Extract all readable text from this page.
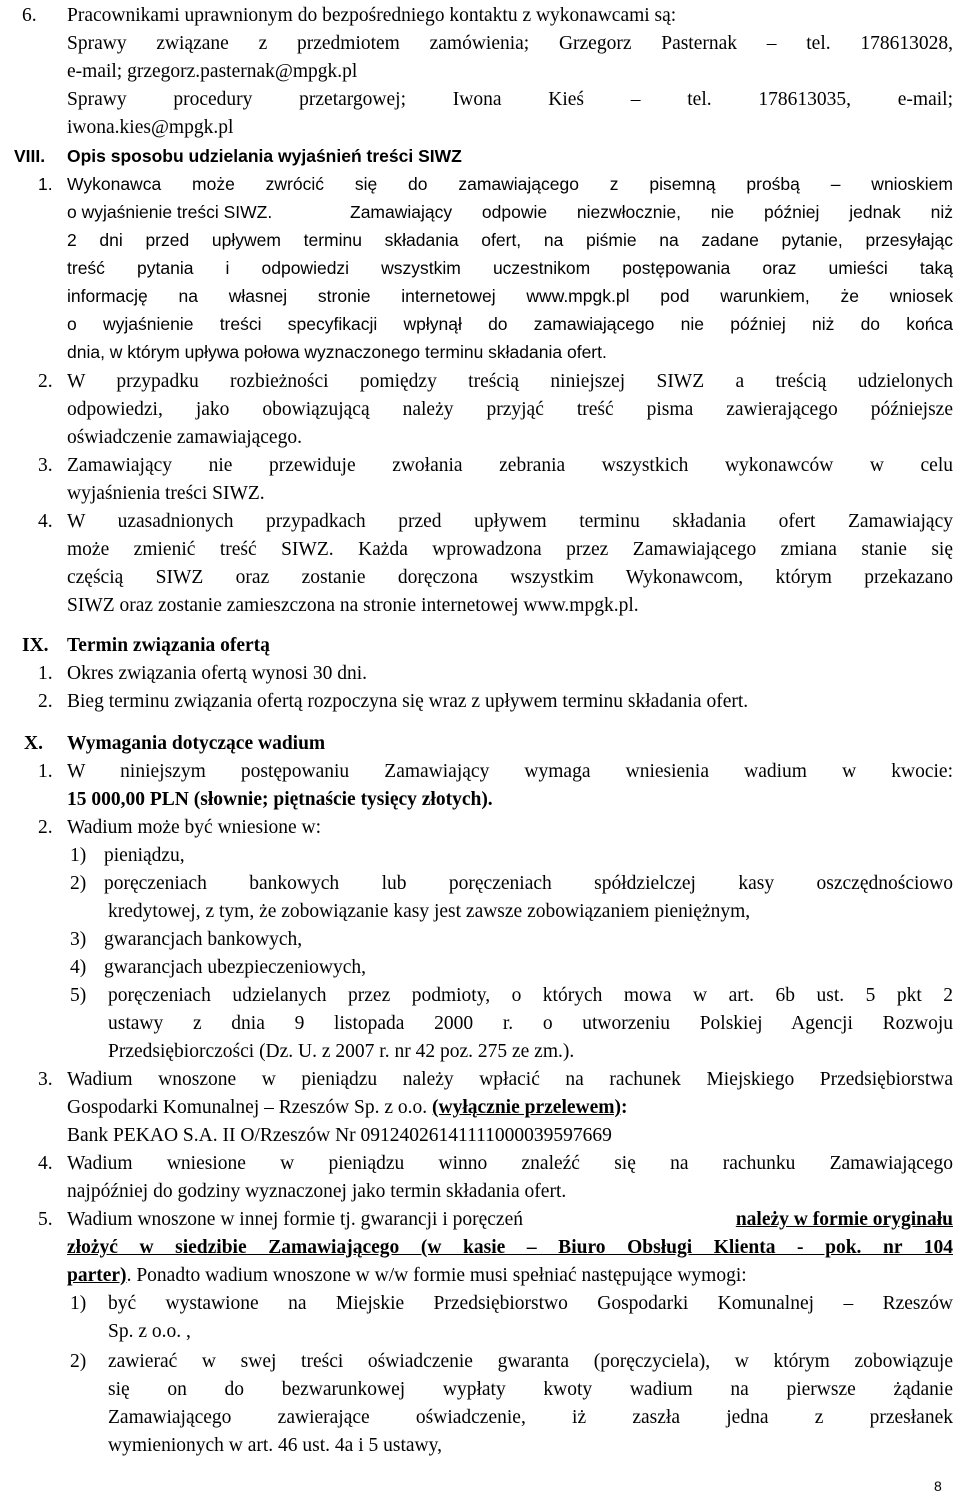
6. Pracownikami uprawnionym do bezpośredniego kontaktu z wykonawcami są:
Sprawy związane z przedmiotem zamówienia; Grzegorz Pasternak – tel. 178613028,
e-mail; grzegorz.pasternak@mpgk.pl
Sprawy procedury przetargowej; Iwona Kieś – tel. 178613035, e-mail;
iwona.kies@mpgk.pl
VIII. Opis sposobu udzielania wyjaśnień treści SIWZ
1. Wykonawca może zwrócić się do zamawiającego z pisemną prośbą – wnioskiem
o wyjaśnienie treści SIWZ.	Zamawiający odpowie niezwłocznie, nie później jednak niż
2 dni przed upływem terminu składania ofert, na piśmie na zadane pytanie, przesyłając
treść pytania i odpowiedzi wszystkim uczestnikom postępowania oraz umieści taką
informację na własnej stronie internetowej www.mpgk.pl pod warunkiem, że wniosek
o wyjaśnienie treści specyfikacji wpłynął do zamawiającego nie później niż do końca
dnia, w którym upływa połowa wyznaczonego terminu składania ofert.
2. W przypadku rozbieżności pomiędzy treścią niniejszej SIWZ a treścią udzielonych
odpowiedzi, jako obowiązującą należy przyjąć treść pisma zawierającego późniejsze
oświadczenie zamawiającego.
3. Zamawiający nie przewiduje zwołania zebrania wszystkich wykonawców w celu
wyjaśnienia treści SIWZ.
4. W uzasadnionych przypadkach przed upływem terminu składania ofert Zamawiający
może zmienić treść SIWZ. Każda wprowadzona przez Zamawiającego zmiana stanie się
częścią SIWZ oraz zostanie doręczona wszystkim Wykonawcom, którym przekazano
SIWZ oraz zostanie zamieszczona na stronie internetowej www.mpgk.pl.
IX. Termin związania ofertą
1. Okres związania ofertą wynosi 30 dni.
2. Bieg terminu związania ofertą rozpoczyna się wraz z upływem terminu składania ofert.
X. Wymagania dotyczące wadium
1. W niniejszym postępowaniu Zamawiający wymaga wniesienia wadium w kwocie:
15 000,00 PLN (słownie; piętnaście tysięcy złotych).
2. Wadium może być wniesione w:
1) pieniądzu,
2) poręczeniach bankowych lub poręczeniach spółdzielczej kasy oszczędnościowo
kredytowej, z tym, że zobowiązanie kasy jest zawsze zobowiązaniem pieniężnym,
3) gwarancjach bankowych,
4) gwarancjach ubezpieczeniowych,
5) poręczeniach udzielanych przez podmioty, o których mowa w art. 6b ust. 5 pkt 2
ustawy z dnia 9 listopada 2000 r. o utworzeniu Polskiej Agencji Rozwoju
Przedsiębiorczości (Dz. U. z 2007 r. nr 42 poz. 275 ze zm.).
3. Wadium wnoszone w pieniądzu należy wpłacić na rachunek Miejskiego Przedsiębiorstwa
Gospodarki Komunalnej – Rzeszów Sp. z o.o. (wyłącznie przelewem):
Bank PEKAO S.A. II O/Rzeszów Nr 09124026141111000039597669
4. Wadium wniesione w pieniądzu winno znaleźć się na rachunku Zamawiającego
najpóźniej do godziny wyznaczonej jako termin składania ofert.
5. Wadium wnoszone w innej formie tj. gwarancji i poręczeń	należy w formie oryginału
złożyć w siedzibie Zamawiającego (w kasie – Biuro Obsługi Klienta - pok. nr 104
parter). Ponadto wadium wnoszone w w/w formie musi spełniać następujące wymogi:
1) być wystawione na Miejskie Przedsiębiorstwo Gospodarki Komunalnej – Rzeszów
Sp. z o.o. ,
2) zawierać w swej treści oświadczenie gwaranta (poręczyciela), w którym zobowiązuje
się on do bezwarunkowej wypłaty kwoty wadium na pierwsze żądanie
Zamawiającego zawierające oświadczenie, iż zaszła jedna z przesłanek
wymienionych w art. 46 ust. 4a i 5 ustawy,
8
